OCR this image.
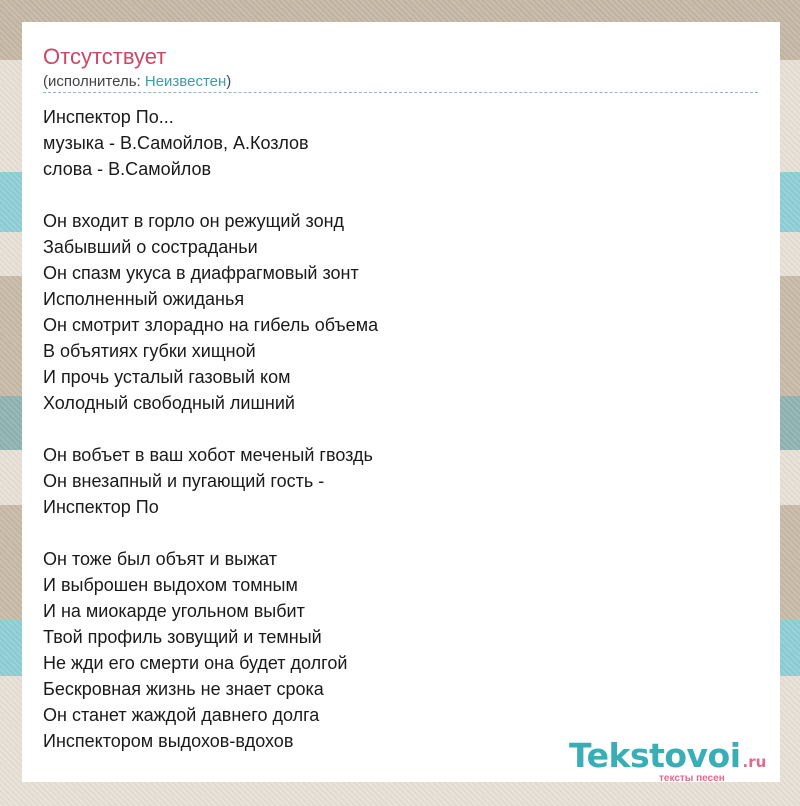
Отсутствует
(исполнитель: Неизвестен)
Инспектор По...
музыка - В.Самойлов, А.Козлов
слова - В.Самойлов
Он входит в горло он режущий зонд
Забывший о состраданьи
Он спазм укуса в диафрагмовый зонт
Исполненный ожиданья
Он смотрит злорадно на гибель объема
В объятиях губки хищной
И прочь усталый газовый ком
Холодный свободный лишний
Он вобъет в ваш хобот меченый гвоздь
Он внезапный и пугающий гость -
Инспектор По
Он тоже был объят и выжат
И выброшен выдохом томным
И на миокарде угольном выбит
Твой профиль зовущий и темный
Не жди его смерти она будет долгой
Бескровная жизнь не знает срока
Он станет жаждой давнего долга
Инспектором выдохов-вдохов	Tekstovoi .ru
тексты песен
